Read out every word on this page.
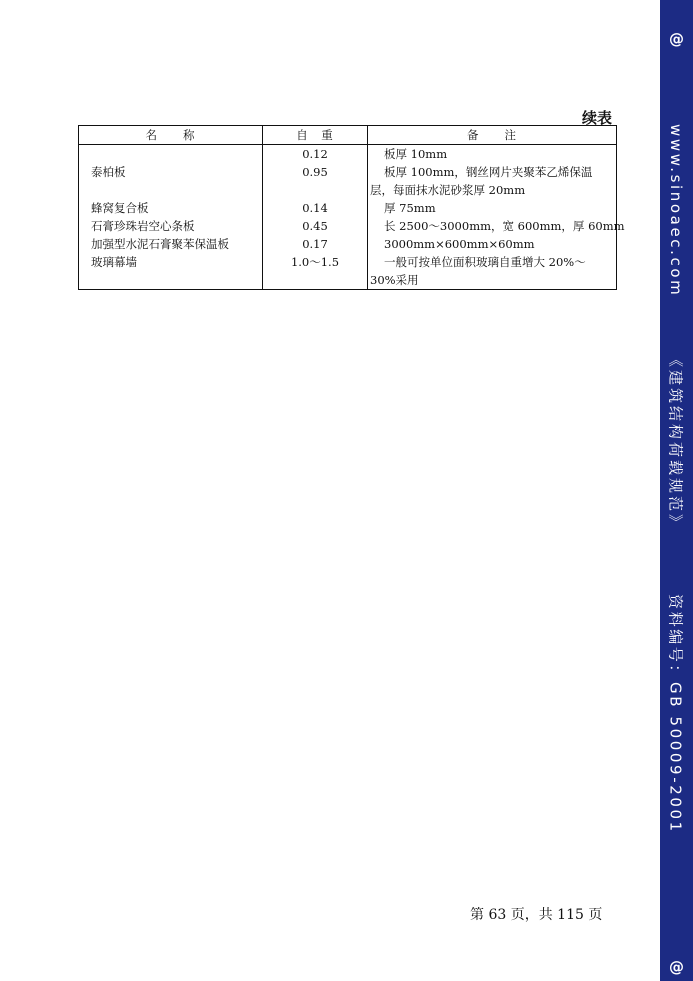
续表
名　　称	自　重	备　　注
	0.12	板厚 10mm

泰柏板	0.95	板厚 100mm，钢丝网片夹聚苯乙烯保温
层，每面抹水泥砂浆厚 20mm

蜂窝复合板	0.14	厚 75mm

石膏珍珠岩空心条板	0.45	长 2500～3000mm，宽 600mm，厚 60mm

加强型水泥石膏聚苯保温板	0.17	3000mm×600mm×60mm

玻璃幕墙	1.0～1.5	一般可按单位面积玻璃自重增大 20%～
30%采用
第 63 页，共 115 页
@
www.sinoaec.com
《建筑结构荷载规范》
资料编号：GB 50009-2001
@
